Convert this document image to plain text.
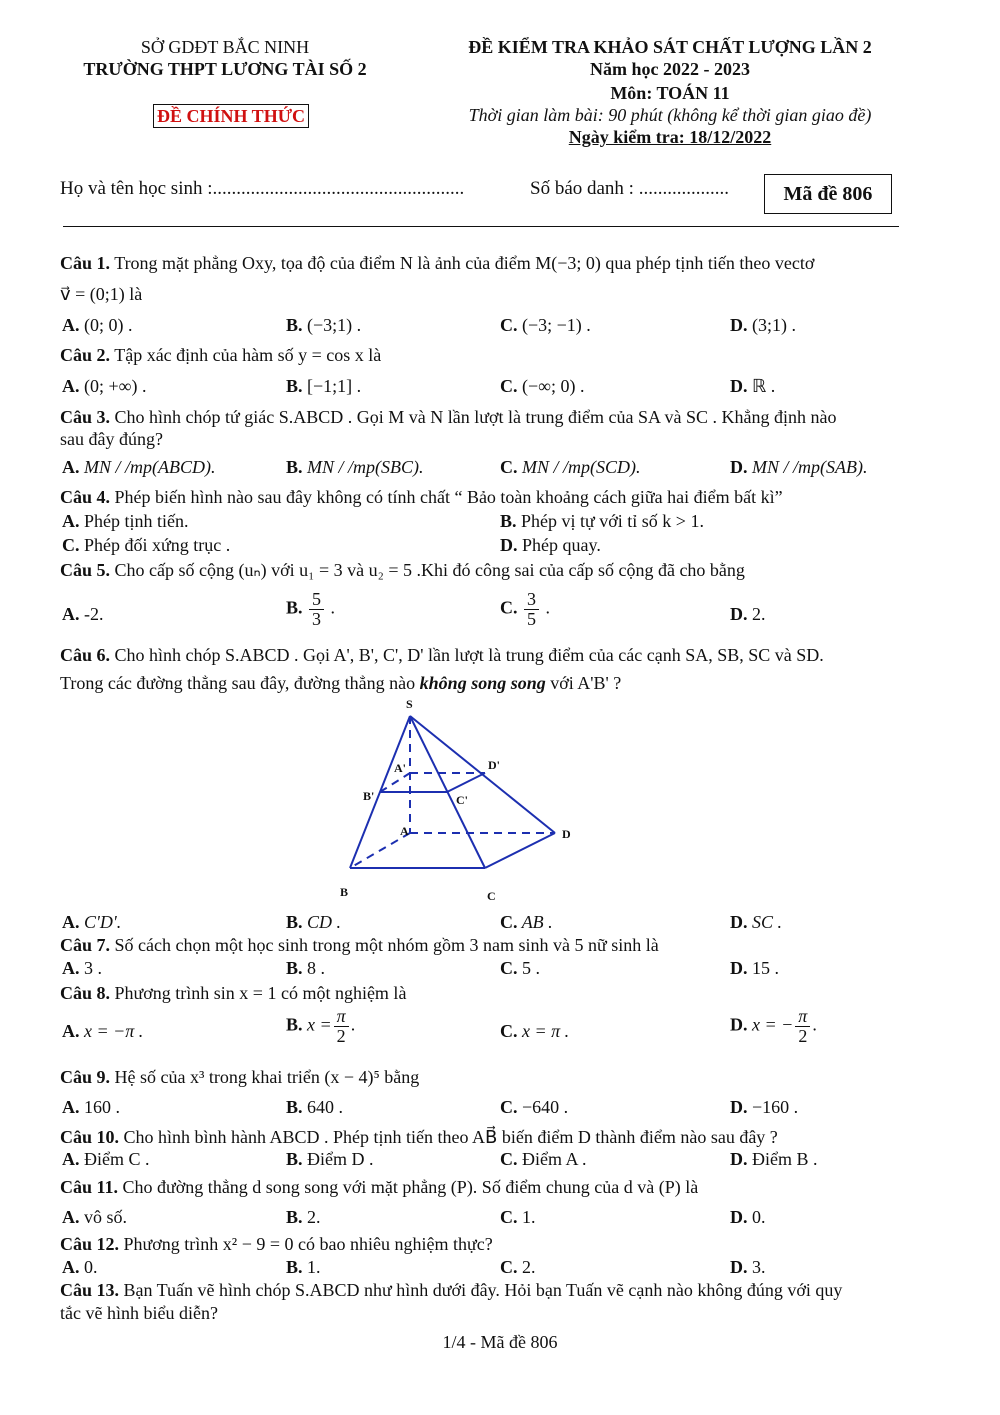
SỞ GDĐT BẮC NINH
TRƯỜNG THPT LƯƠNG TÀI SỐ 2
ĐỀ CHÍNH THỨC
ĐỀ KIỂM TRA KHẢO SÁT CHẤT LƯỢNG LẦN 2
Năm học 2022 - 2023
Môn: TOÁN 11
Thời gian làm bài: 90 phút (không kể thời gian giao đề)
Ngày kiểm tra: 18/12/2022
Họ và tên học sinh :.....................................................	Số báo danh : ...................	Mã đề 806
Câu 1. Trong mặt phẳng Oxy, tọa độ của điểm N là ảnh của điểm M(−3; 0) qua phép tịnh tiến theo vectơ
v⃗ = (0;1) là
A. (0; 0) .	B. (−3;1) .	C. (−3; −1) .	D. (3;1) .
Câu 2. Tập xác định của hàm số y = cos x là
A. (0; +∞) .	B. [−1;1] .	C. (−∞; 0) .	D. ℝ .
Câu 3. Cho hình chóp tứ giác S.ABCD . Gọi M và N lần lượt là trung điểm của SA và SC . Khẳng định nào
sau đây đúng?
A. MN / /mp(ABCD).	B. MN / /mp(SBC).	C. MN / /mp(SCD).	D. MN / /mp(SAB).
Câu 4. Phép biến hình nào sau đây không có tính chất “ Bảo toàn khoảng cách giữa hai điểm bất kì”
A. Phép tịnh tiến.	B. Phép vị tự với tỉ số k > 1.
C. Phép đối xứng trục .	D. Phép quay.
Câu 5. Cho cấp số cộng (uₙ) với u₁ = 3 và u₂ = 5 .Khi đó công sai của cấp số cộng đã cho bằng
A. -2.	B. $\frac{5}{3}$ .	C. $\frac{3}{5}$ .	D. 2.
Câu 6. Cho hình chóp S.ABCD . Gọi A', B', C', D' lần lượt là trung điểm của các cạnh SA, SB, SC và SD.
Trong các đường thẳng sau đây, đường thẳng nào không song song với A'B' ?
S
A'	D'
B'	C'
A	D
B	C
A. C'D'.	B. CD .	C. AB .	D. SC .
Câu 7. Số cách chọn một học sinh trong một nhóm gồm 3 nam sinh và 5 nữ sinh là
A. 3 .	B. 8 .	C. 5 .	D. 15 .
Câu 8. Phương trình sin x = 1 có một nghiệm là
A. x = −π .	B. $x = \frac{\pi}{2}$ .	C. x = π .	D. x = − $\frac{\pi}{2}$ .
Câu 9. Hệ số của x³ trong khai triển (x − 4)⁵ bằng
A. 160 .	B. 640 .	C. −640 .	D. −160 .
Câu 10. Cho hình bình hành ABCD . Phép tịnh tiến theo AB⃗ biến điểm D thành điểm nào sau đây ?
A. Điểm C .	B. Điểm D .	C. Điểm A .	D. Điểm B .
Câu 11. Cho đường thẳng d song song với mặt phẳng (P). Số điểm chung của d và (P) là
A. vô số.	B. 2.	C. 1.	D. 0.
Câu 12. Phương trình x² − 9 = 0 có bao nhiêu nghiệm thực?
A. 0.	B. 1.	C. 2.	D. 3.
Câu 13. Bạn Tuấn vẽ hình chóp S.ABCD như hình dưới đây. Hỏi bạn Tuấn vẽ cạnh nào không đúng với quy
tắc vẽ hình biểu diễn?
1/4 - Mã đề 806
